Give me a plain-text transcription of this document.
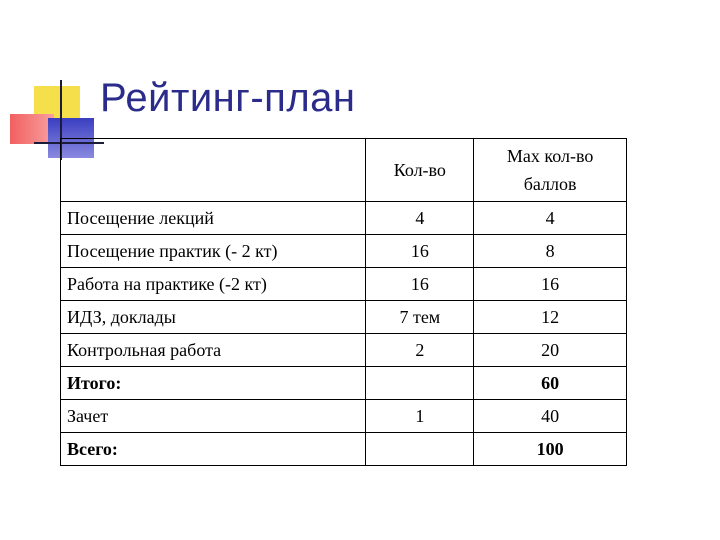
Рейтинг-план
	Кол-во	Max кол-во баллов
Посещение лекций	4	4
Посещение практик (- 2 кт)	16	8
Работа на практике (-2 кт)	16	16
ИДЗ, доклады	7 тем	12
Контрольная работа	2	20
Итого:		60
Зачет	1	40
Всего:		100
